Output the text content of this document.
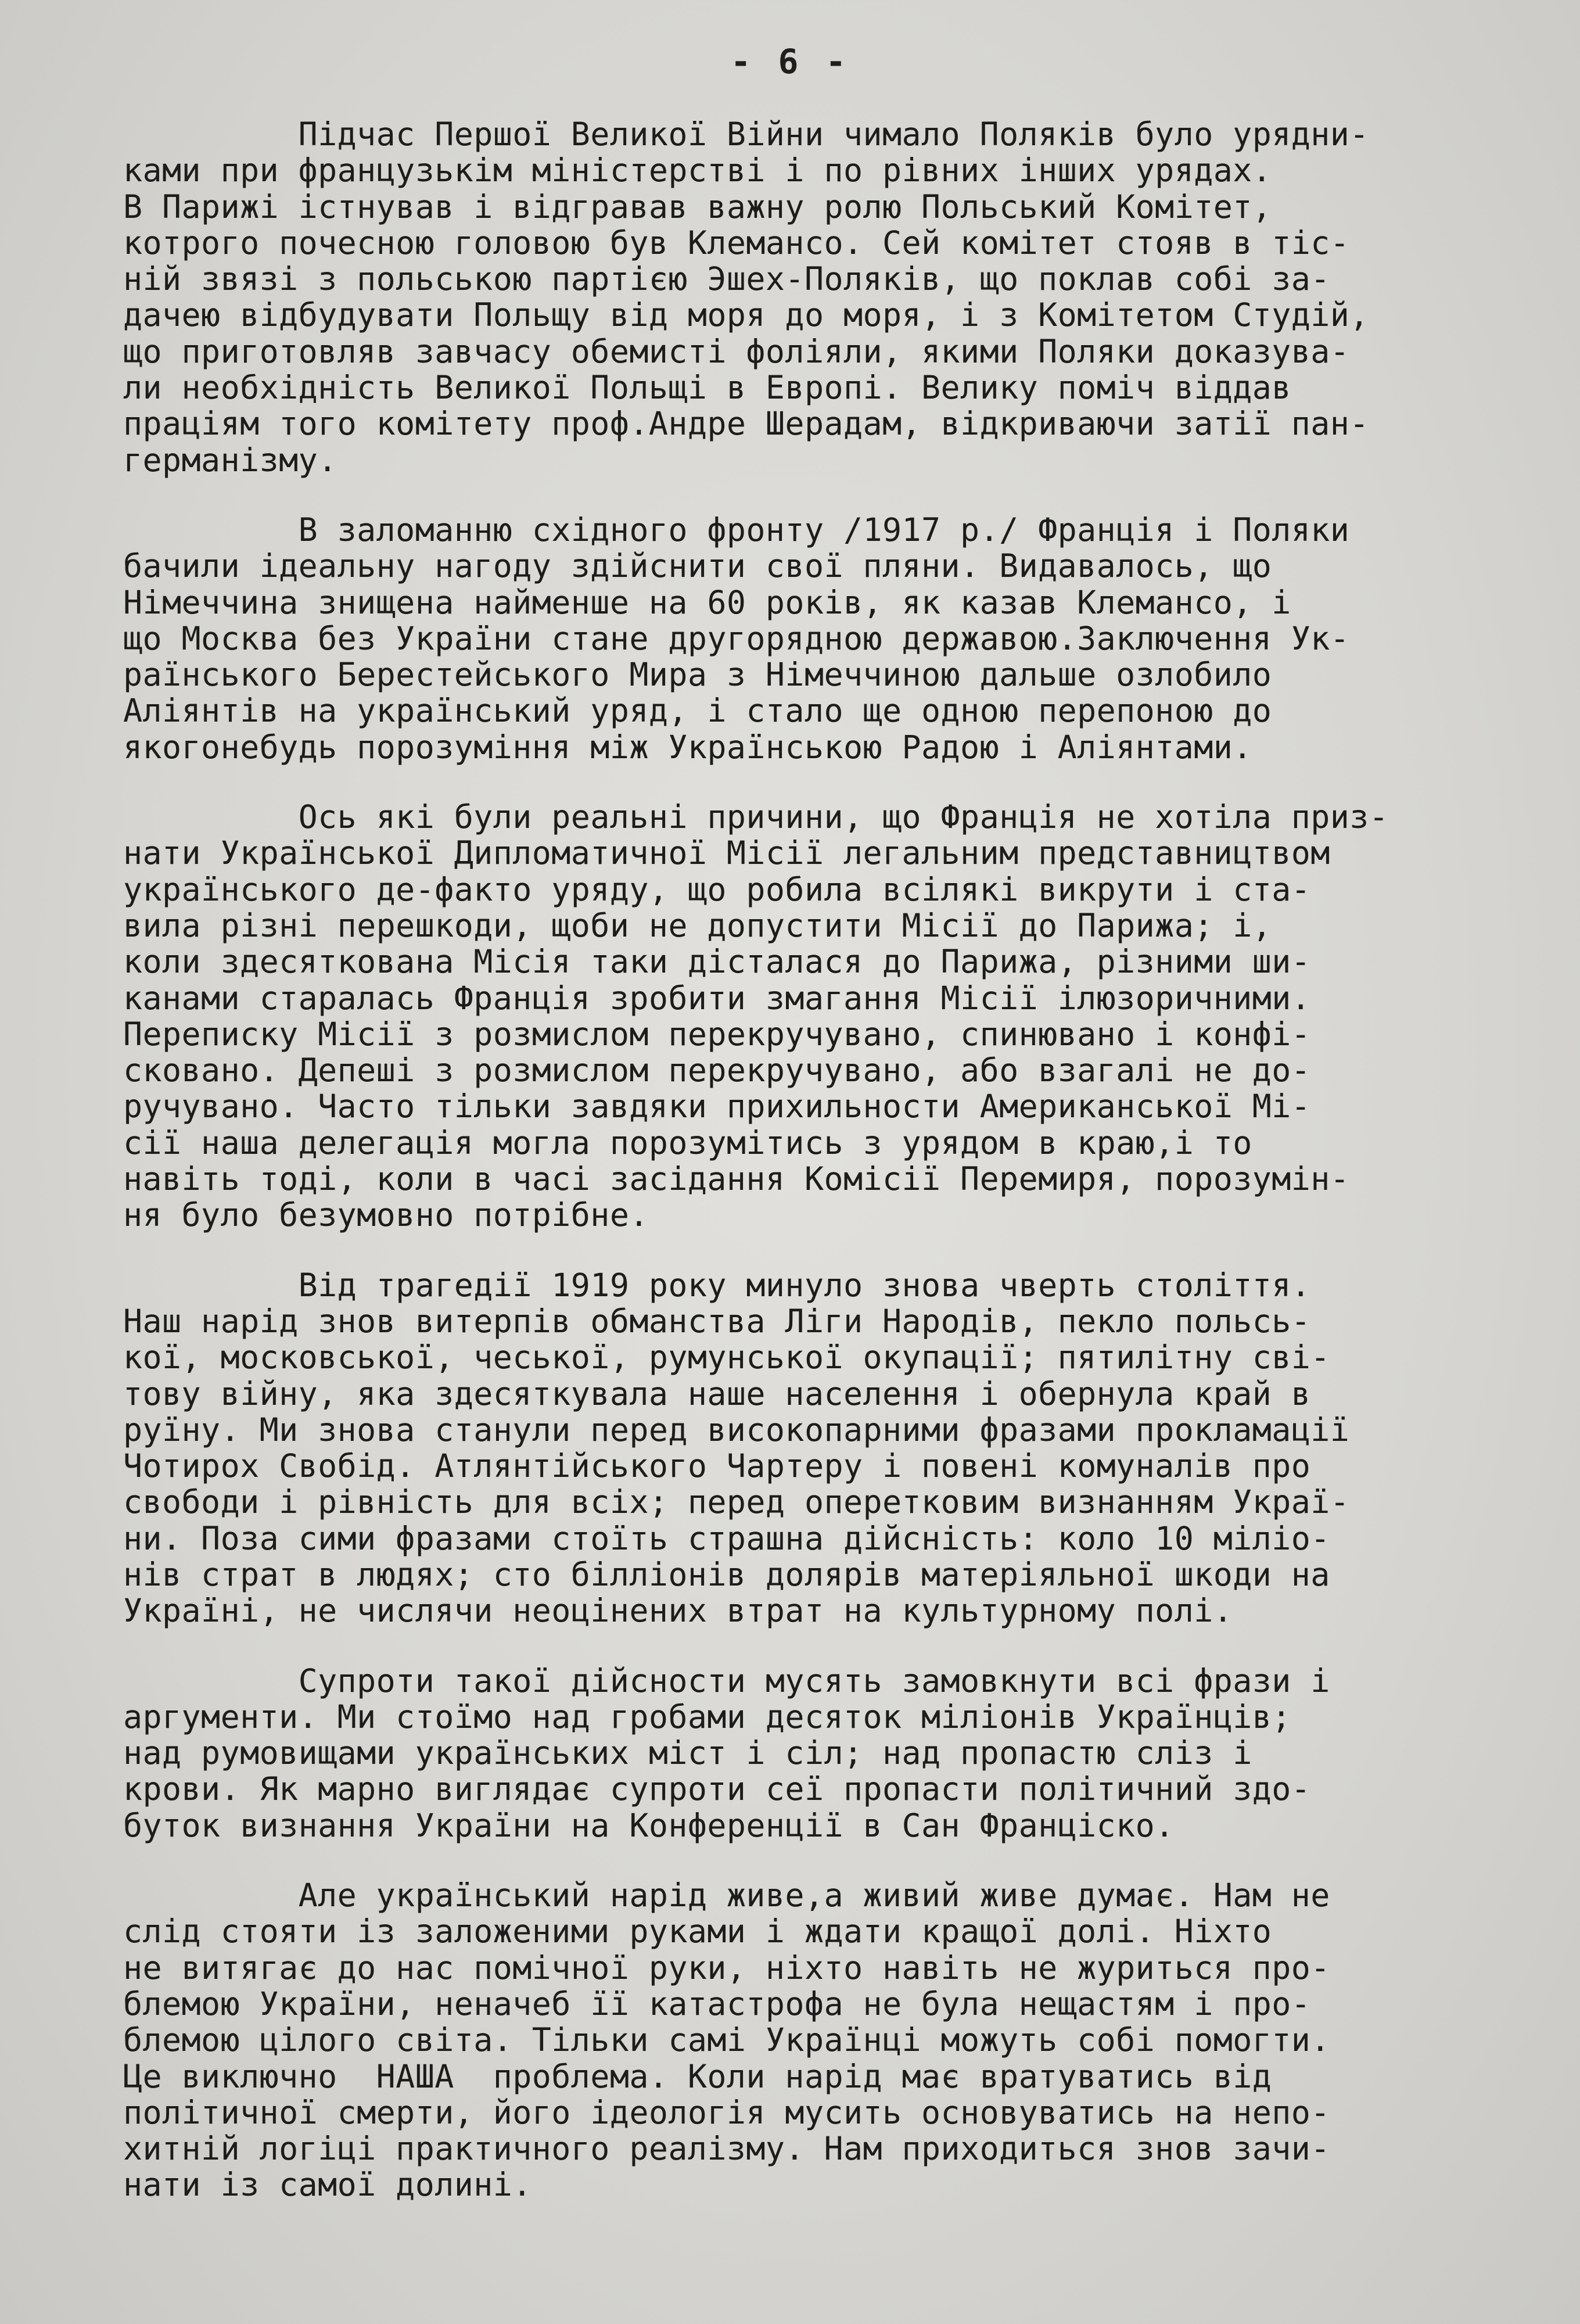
- 6 -
Підчас Першої Великої Війни чимало Поляків було урядни-
ками при французькім міністерстві і по рівних інших урядах.
В Парижі істнував і відгравав важну ролю Польський Комітет,
котрого почесною головою був Клемансо. Сей комітет стояв в тіс-
ній звязі з польською партією Эшех-Поляків, що поклав собі за-
дачею відбудувати Польщу від моря до моря, і з Комітетом Студій,
що приготовляв завчасу обемисті фоліяли, якими Поляки доказува-
ли необхідність Великої Польщі в Европі. Велику поміч віддав
праціям того комітету проф.Андре Шерадам, відкриваючи затії пан-
германізму.
В заломанню східного фронту /1917 р./ Франція і Поляки
бачили ідеальну нагоду здійснити свої пляни. Видавалось, що
Німеччина знищена найменше на 60 років, як казав Клемансо, і
що Москва без України стане другорядною державою.Заключення Ук-
раїнського Берестейського Мира з Німеччиною дальше озлобило
Аліянтів на український уряд, і стало ще одною перепоною до
якогонебудь порозуміння між Українською Радою і Аліянтами.
Ось які були реальні причини, що Франція не хотіла приз-
нати Української Дипломатичної Місії легальним представництвом
українського де-факто уряду, що робила всілякі викрути і ста-
вила різні перешкоди, щоби не допустити Місії до Парижа; і,
коли здесяткована Місія таки дісталася до Парижа, різними ши-
канами старалась Франція зробити змагання Місії ілюзоричними.
Переписку Місії з розмислом перекручувано, спинювано і конфі-
сковано. Депеші з розмислом перекручувано, або взагалі не до-
ручувано. Часто тільки завдяки прихильности Американської Мі-
сії наша делегація могла порозумітись з урядом в краю,і то
навіть тоді, коли в часі засідання Комісії Перемиря, порозумін-
ня було безумовно потрібне.
Від трагедії 1919 року минуло знова чверть століття.
Наш нарід знов витерпів обманства Ліги Народів, пекло польсь-
кої, московської, чеської, румунської окупації; пятилітну сві-
тову війну, яка здесяткувала наше населення і обернула край в
руїну. Ми знова станули перед високопарними фразами прокламації
Чотирох Свобід. Атлянтійського Чартеру і повені комуналів про
свободи і рівність для всіх; перед оперетковим визнанням Украї-
ни. Поза сими фразами стоїть страшна дійсність: коло 10 міліо-
нів страт в людях; сто білліонів долярів матеріяльної шкоди на
Україні, не числячи неоцінених втрат на культурному полі.
Супроти такої дійсности мусять замовкнути всі фрази і
аргументи. Ми стоїмо над гробами десяток міліонів Українців;
над румовищами українських міст і сіл; над пропастю сліз і
крови. Як марно виглядає супроти сеї пропасти політичний здо-
буток визнання України на Конференції в Сан Франціско.
Але український нарід живе,а живий живе думає. Нам не
слід стояти із заложеними руками і ждати кращої долі. Ніхто
не витягає до нас помічної руки, ніхто навіть не журиться про-
блемою України, неначеб її катастрофа не була нещастям і про-
блемою цілого світа. Тільки самі Українці можуть собі помогти.
Це виключно  НАША  проблема. Коли нарід має вратуватись від
політичної смерти, його ідеологія мусить основуватись на непо-
хитній логіці практичного реалізму. Нам приходиться знов зачи-
нати із самої долині.
